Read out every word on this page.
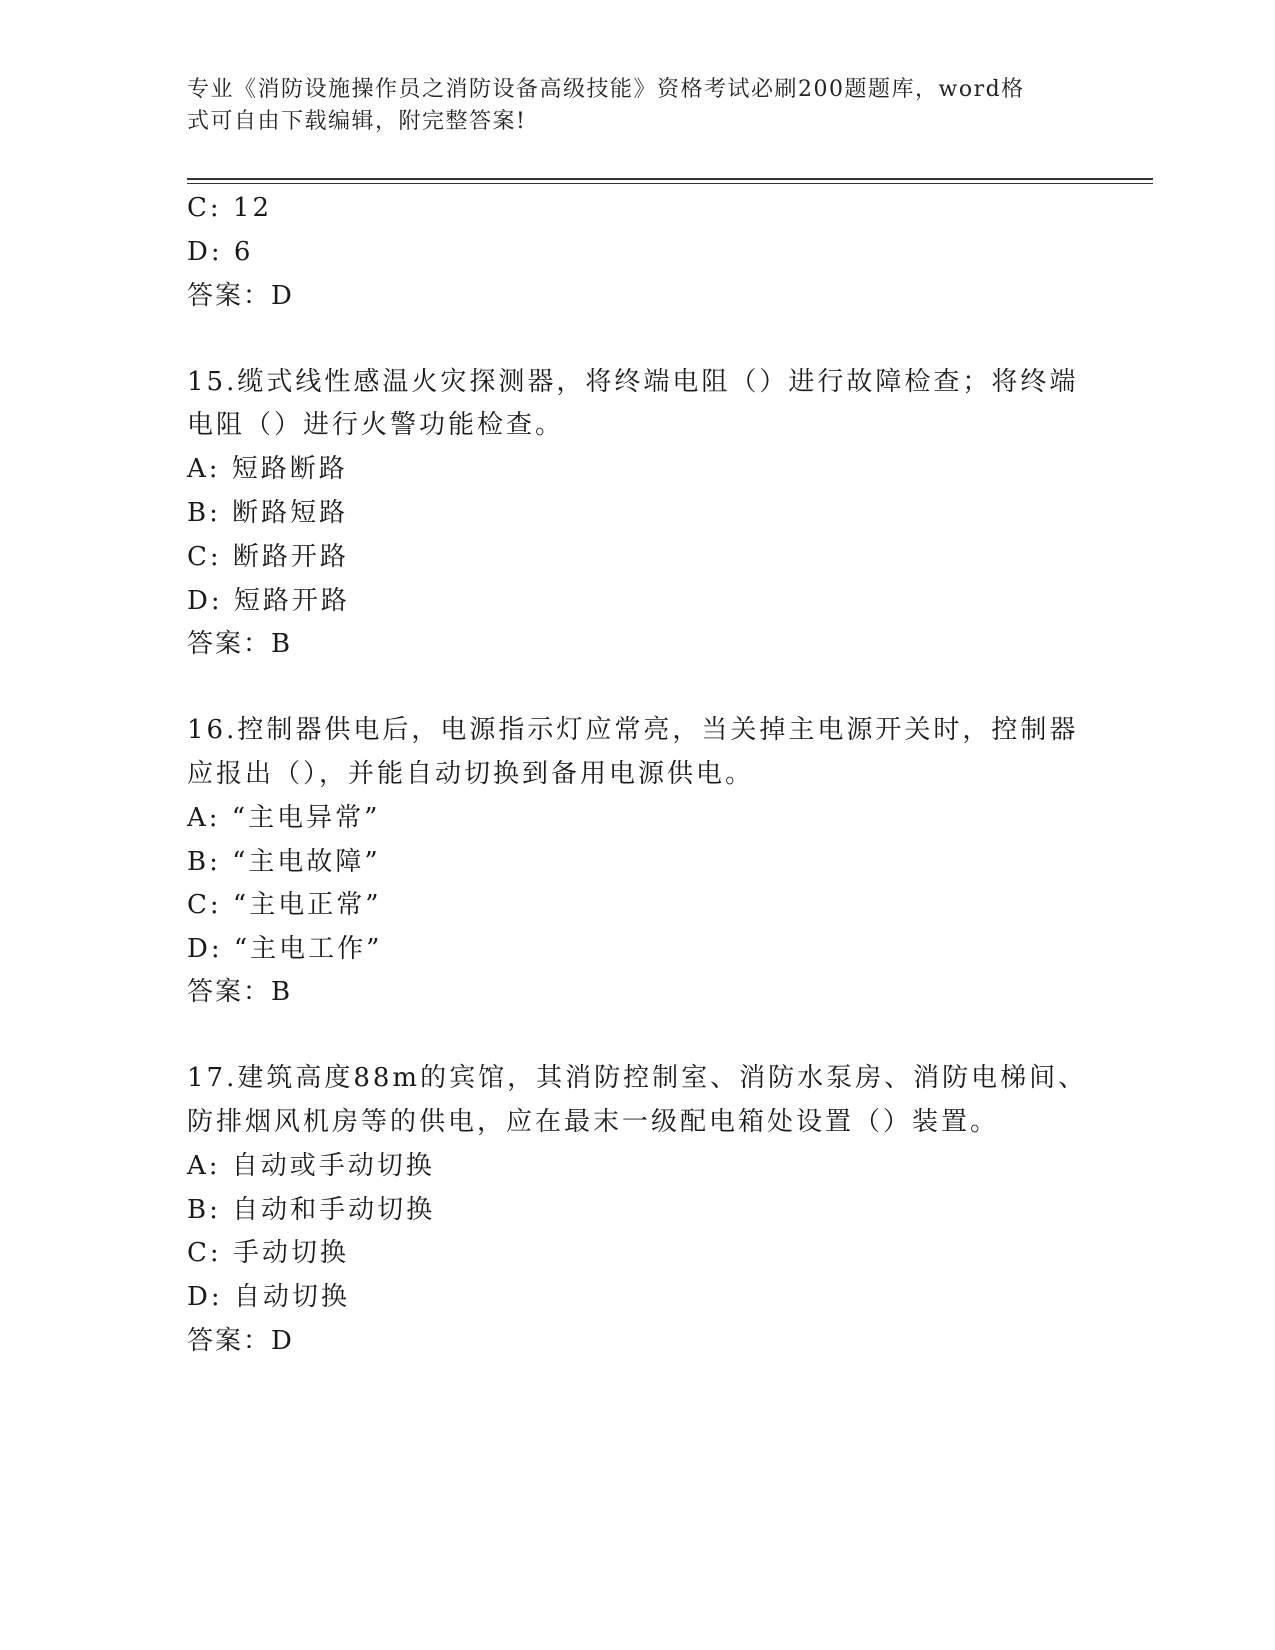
专业《消防设施操作员之消防设备高级技能》资格考试必刷200题题库，word格
式可自由下载编辑，附完整答案!
C: 12
D: 6
答案：D
15.缆式线性感温火灾探测器，将终端电阻（）进行故障检查；将终端
电阻（）进行火警功能检查。
A: 短路断路
B: 断路短路
C: 断路开路
D: 短路开路
答案：B
16.控制器供电后，电源指示灯应常亮，当关掉主电源开关时，控制器
应报出（），并能自动切换到备用电源供电。
A: “主电异常”
B: “主电故障”
C: “主电正常”
D: “主电工作”
答案：B
17.建筑高度88m的宾馆，其消防控制室、消防水泵房、消防电梯间、
防排烟风机房等的供电，应在最末一级配电箱处设置（）装置。
A: 自动或手动切换
B: 自动和手动切换
C: 手动切换
D: 自动切换
答案：D
